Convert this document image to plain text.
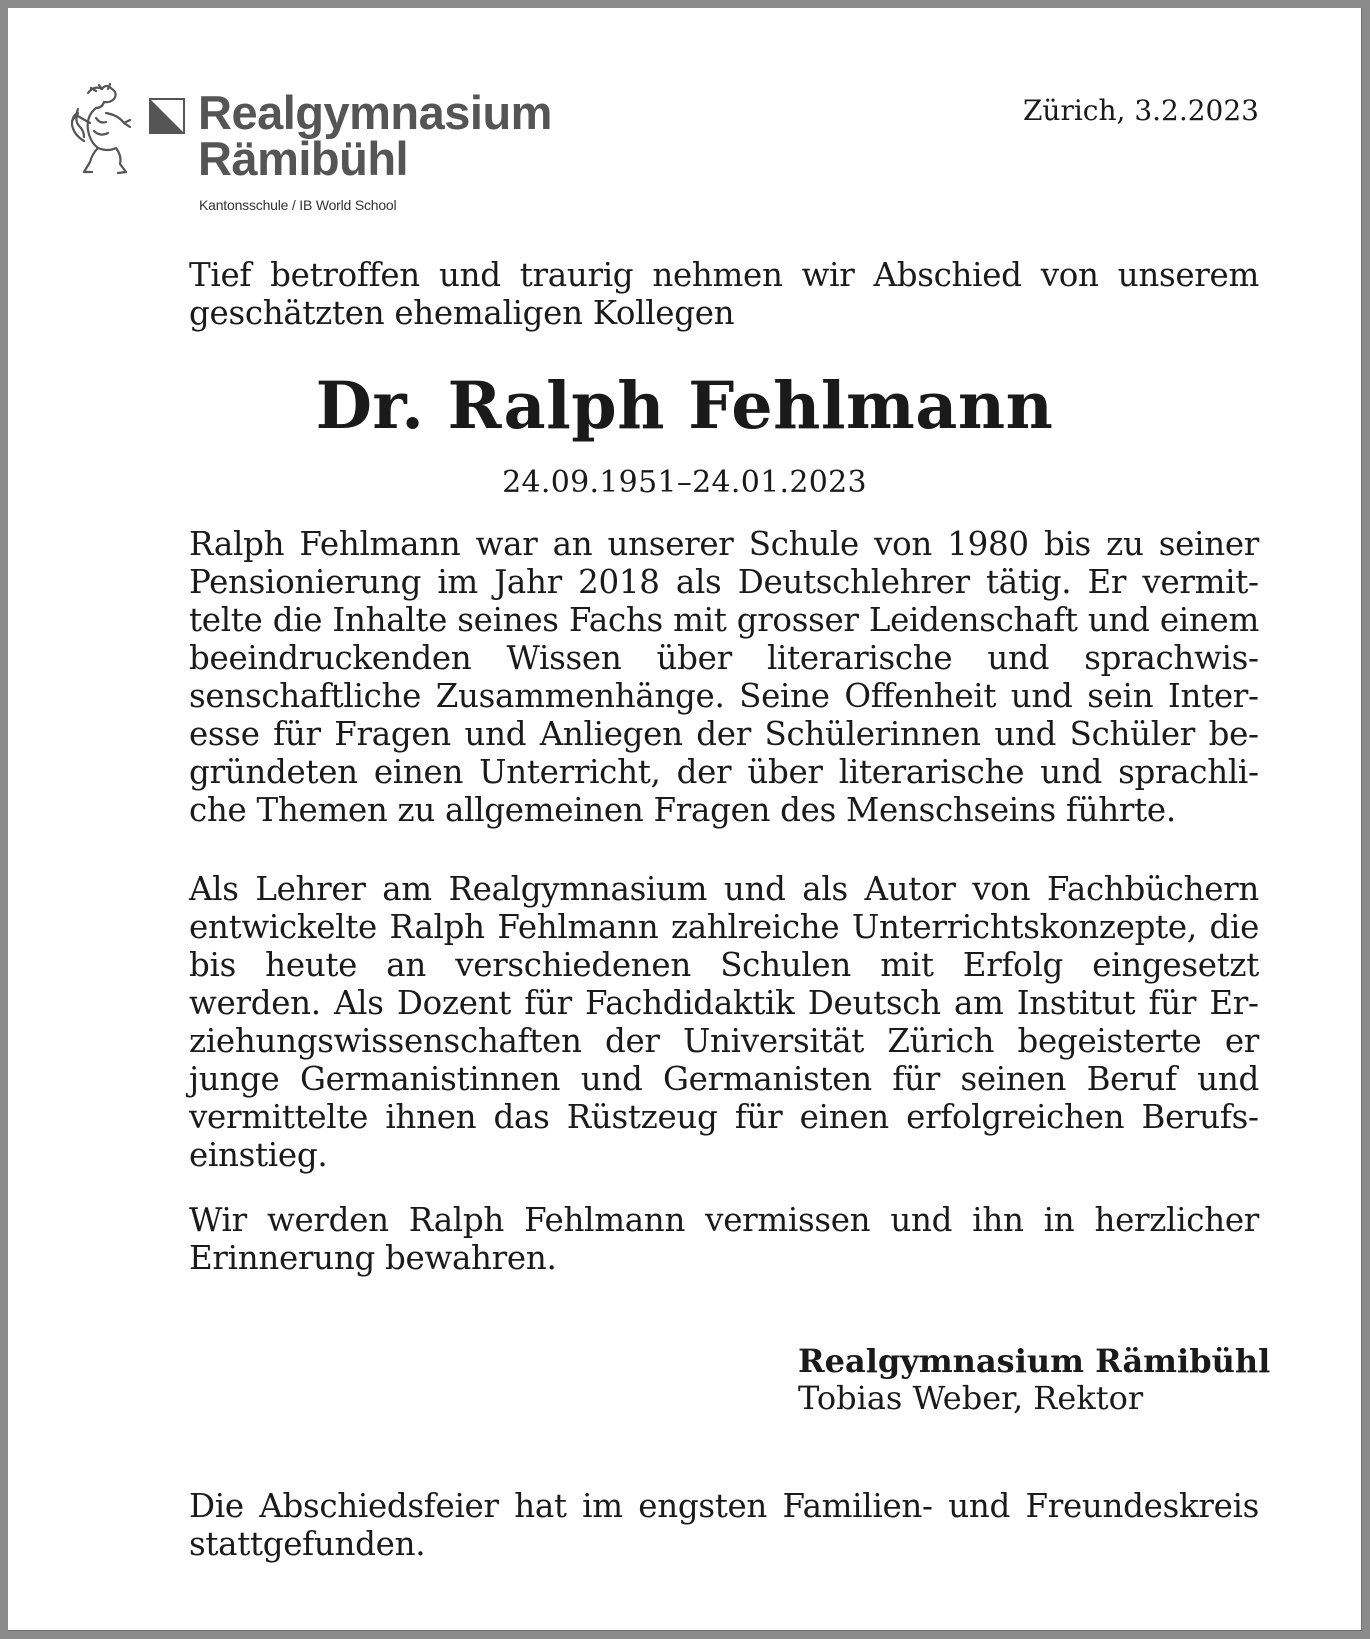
Realgymnasium
Rämibühl
Kantonsschule / IB World School
Zürich, 3.2.2023

Tief betroffen und traurig nehmen wir Abschied von unserem geschätzten ehemaligen Kollegen

Dr. Ralph Fehlmann
24.09.1951–24.01.2023

Ralph Fehlmann war an unserer Schule von 1980 bis zu seiner Pensionierung im Jahr 2018 als Deutschlehrer tätig. Er vermittelte die Inhalte seines Fachs mit grosser Leidenschaft und einem beeindruckenden Wissen über literarische und sprachwissenschaftliche Zusammenhänge. Seine Offenheit und sein Interesse für Fragen und Anliegen der Schülerinnen und Schüler begründeten einen Unterricht, der über literarische und sprachliche Themen zu allgemeinen Fragen des Menschseins führte.

Als Lehrer am Realgymnasium und als Autor von Fachbüchern entwickelte Ralph Fehlmann zahlreiche Unterrichtskonzepte, die bis heute an verschiedenen Schulen mit Erfolg eingesetzt werden. Als Dozent für Fachdidaktik Deutsch am Institut für Erziehungswissenschaften der Universität Zürich begeisterte er junge Germanistinnen und Germanisten für seinen Beruf und vermittelte ihnen das Rüstzeug für einen erfolgreichen Berufseinstieg.

Wir werden Ralph Fehlmann vermissen und ihn in herzlicher Erinnerung bewahren.

Realgymnasium Rämibühl
Tobias Weber, Rektor

Die Abschiedsfeier hat im engsten Familien- und Freundeskreis stattgefunden.
